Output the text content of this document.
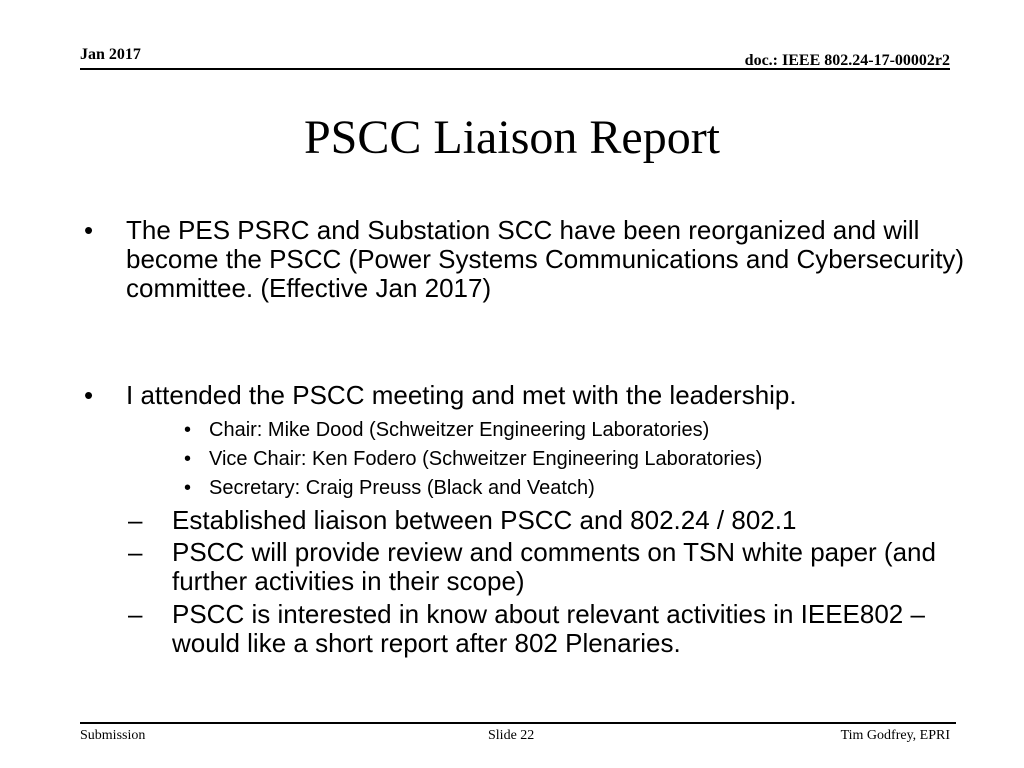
Jan 2017	doc.: IEEE 802.24-17-00002r2
PSCC Liaison Report
• The PES PSRC and Substation SCC have been reorganized and will become the PSCC (Power Systems Communications and Cybersecurity) committee. (Effective Jan 2017)
• I attended the PSCC meeting and met with the leadership.
• Chair: Mike Dood (Schweitzer Engineering Laboratories)
• Vice Chair: Ken Fodero (Schweitzer Engineering Laboratories)
• Secretary: Craig Preuss (Black and Veatch)
– Established liaison between PSCC and 802.24 / 802.1
– PSCC will provide review and comments on TSN white paper (and further activities in their scope)
– PSCC is interested in know about relevant activities in IEEE802 – would like a short report after 802 Plenaries.
Submission	Slide 22	Tim Godfrey, EPRI
